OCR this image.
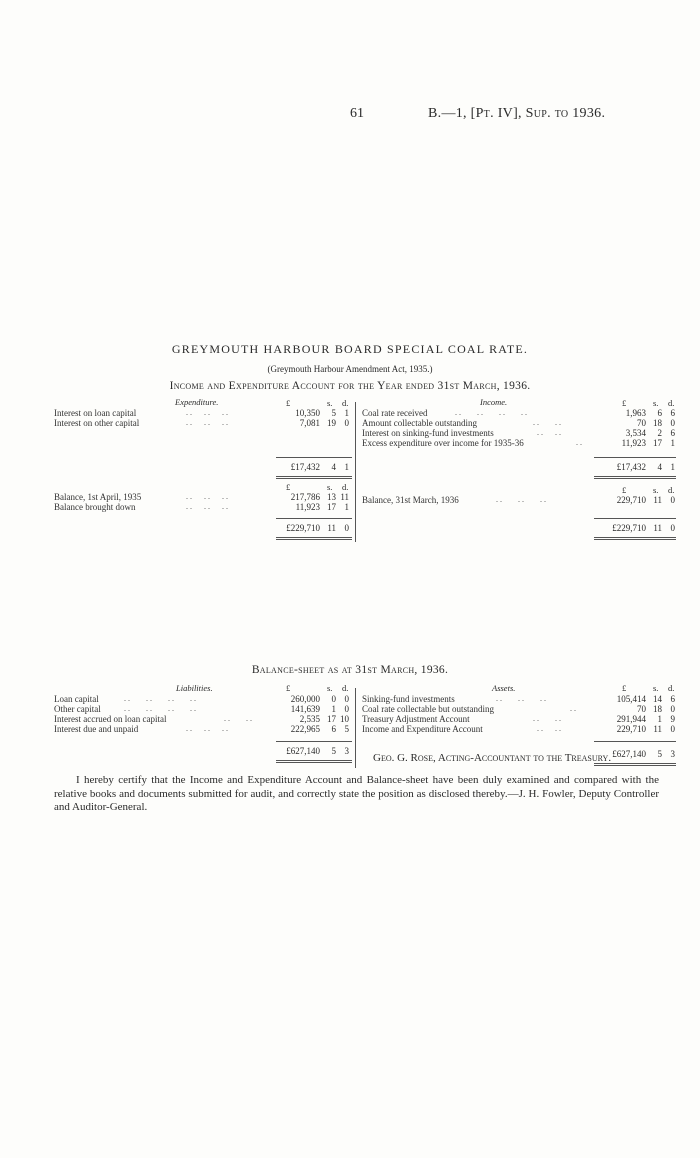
61	B.—1, [Pt. IV], Sup. to 1936.
GREYMOUTH HARBOUR BOARD SPECIAL COAL RATE.
(Greymouth Harbour Amendment Act, 1935.)
Income and Expenditure Account for the Year ended 31st March, 1936.
Expenditure.	Income.
£	s. d.	£	s. d.
Interest on loan capital	. .      . .      . .	10,350	5 1
Interest on other capital	. .      . .      . .	7,081 19 0
Coal rate received	. .        . .        . .        . .	1,963	6 6
Amount collectable outstanding	. .        . .	70 18 0
Interest on sinking-fund investments	. .      . .	3,534	2 6
Excess expenditure over income for 1935-36	. .	11,923 17 1
£17,432	4 1	£17,432	4 1
£	s. d.	£	s. d.
Balance, 1st April, 1935	. .      . .      . .	217,786 13 11
Balance brought down	. .      . .      . .	11,923 17 1
Balance, 31st March, 1936	. .        . .        . .	229,710 11 0
£229,710 11 0	£229,710 11 0
Balance-sheet as at 31st March, 1936.
Liabilities.	Assets.
£	s. d.	£	s. d.
Loan capital	. .        . .        . .        . .	260,000	0 0
Other capital	. .        . .        . .        . .	141,639	1 0
Interest accrued on loan capital	. .        . .	2,535 17 10
Interest due and unpaid	. .      . .      . .	222,965	6 5
Sinking-fund investments	. .        . .        . .	105,414 14 6
Coal rate collectable but outstanding	. .	70 18 0
Treasury Adjustment Account	. .        . .	291,944	1 9
Income and Expenditure Account	. .      . .	229,710 11 0
£627,140	5 3	£627,140	5 3
Geo. G. Rose, Acting-Accountant to the Treasury.
I hereby certify that the Income and Expenditure Account and Balance-sheet have been duly examined and compared with the relative books and documents submitted for audit, and correctly state the position as disclosed thereby.—J. H. Fowler, Deputy Controller and Auditor-General.
